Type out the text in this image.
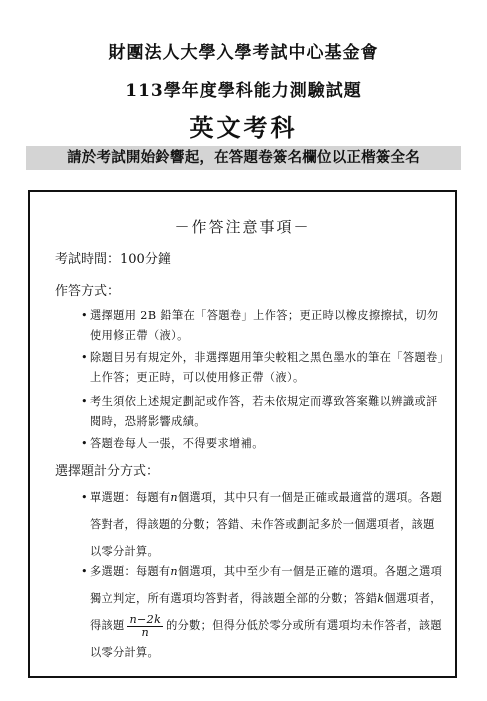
財團法人大學入學考試中心基金會
113學年度學科能力測驗試題
英文考科
請於考試開始鈴響起，在答題卷簽名欄位以正楷簽全名

－作答注意事項－

考試時間：100分鐘

作答方式：

• 選擇題用 2B 鉛筆在「答題卷」上作答；更正時以橡皮擦擦拭，切勿使用修正帶（液）。
• 除題目另有規定外，非選擇題用筆尖較粗之黑色墨水的筆在「答題卷」上作答；更正時，可以使用修正帶（液）。
• 考生須依上述規定劃記或作答，若未依規定而導致答案難以辨識或評閱時，恐將影響成績。
• 答題卷每人一張，不得要求增補。

選擇題計分方式：

• 單選題：每題有n個選項，其中只有一個是正確或最適當的選項。各題答對者，得該題的分數；答錯、未作答或劃記多於一個選項者，該題以零分計算。
• 多選題：每題有n個選項，其中至少有一個是正確的選項。各題之選項獨立判定，所有選項均答對者，得該題全部的分數；答錯k個選項者，得該題 $\frac{n-2k}{n}$ 的分數；但得分低於零分或所有選項均未作答者，該題以零分計算。
